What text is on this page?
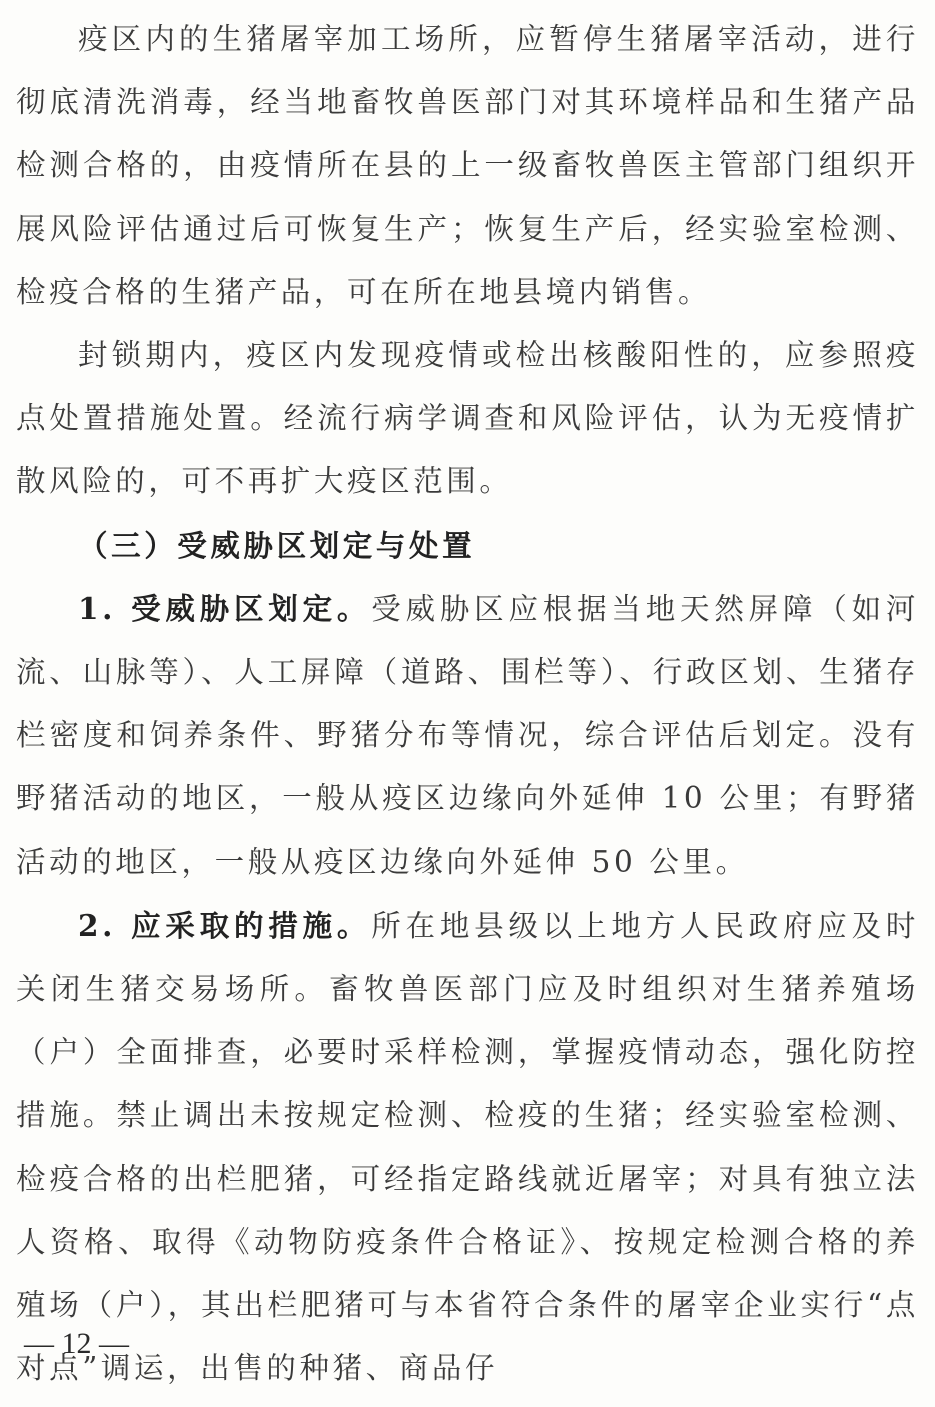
疫区内的生猪屠宰加工场所，应暂停生猪屠宰活动，进行彻底清洗消毒，经当地畜牧兽医部门对其环境样品和生猪产品检测合格的，由疫情所在县的上一级畜牧兽医主管部门组织开展风险评估通过后可恢复生产；恢复生产后，经实验室检测、检疫合格的生猪产品，可在所在地县境内销售。

封锁期内，疫区内发现疫情或检出核酸阳性的，应参照疫点处置措施处置。经流行病学调查和风险评估，认为无疫情扩散风险的，可不再扩大疫区范围。

（三）受威胁区划定与处置

1. 受威胁区划定。受威胁区应根据当地天然屏障（如河流、山脉等）、人工屏障（道路、围栏等）、行政区划、生猪存栏密度和饲养条件、野猪分布等情况，综合评估后划定。没有野猪活动的地区，一般从疫区边缘向外延伸 10 公里；有野猪活动的地区，一般从疫区边缘向外延伸 50 公里。

2. 应采取的措施。所在地县级以上地方人民政府应及时关闭生猪交易场所。畜牧兽医部门应及时组织对生猪养殖场（户）全面排查，必要时采样检测，掌握疫情动态，强化防控措施。禁止调出未按规定检测、检疫的生猪；经实验室检测、检疫合格的出栏肥猪，可经指定路线就近屠宰；对具有独立法人资格、取得《动物防疫条件合格证》、按规定检测合格的养殖场（户），其出栏肥猪可与本省符合条件的屠宰企业实行“点对点”调运，出售的种猪、商品仔

— 12 —
